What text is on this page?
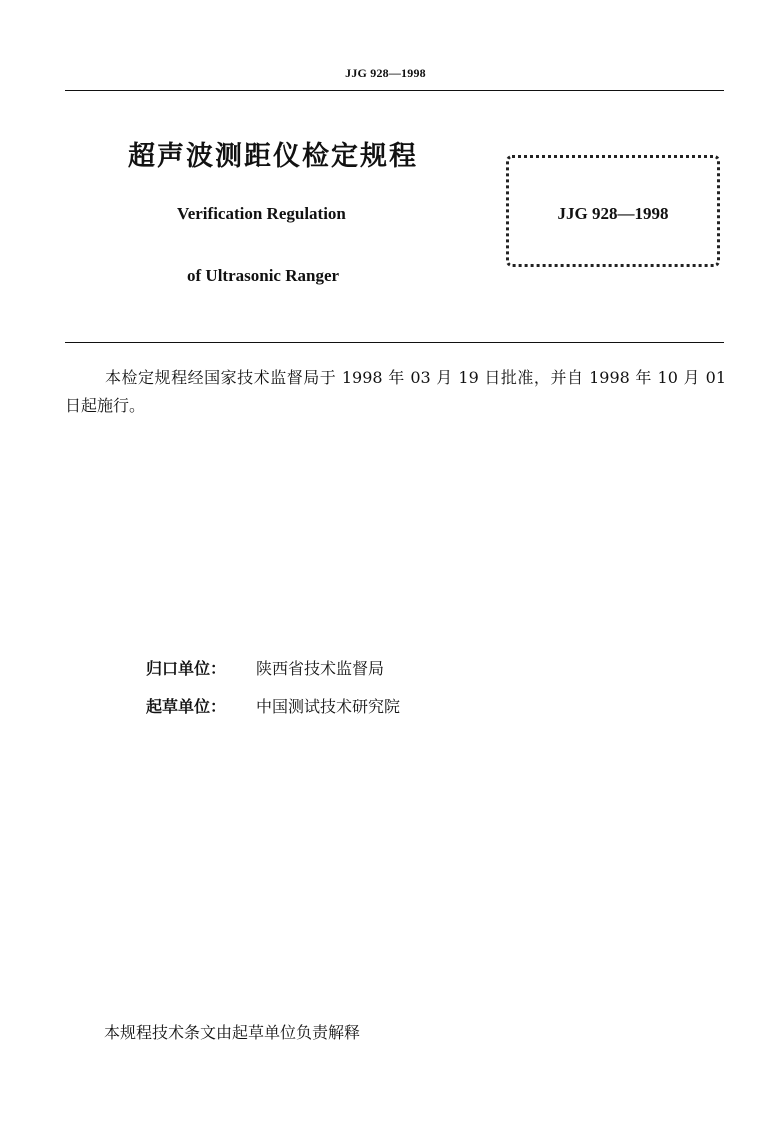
JJG 928—1998
超声波测距仪检定规程
Verification Regulation
of Ultrasonic Ranger
JJG 928—1998
本检定规程经国家技术监督局于 1998 年 03 月 19 日批准，并自 1998 年 10 月 01 日起施行。
归口单位： 陕西省技术监督局
起草单位： 中国测试技术研究院
本规程技术条文由起草单位负责解释
